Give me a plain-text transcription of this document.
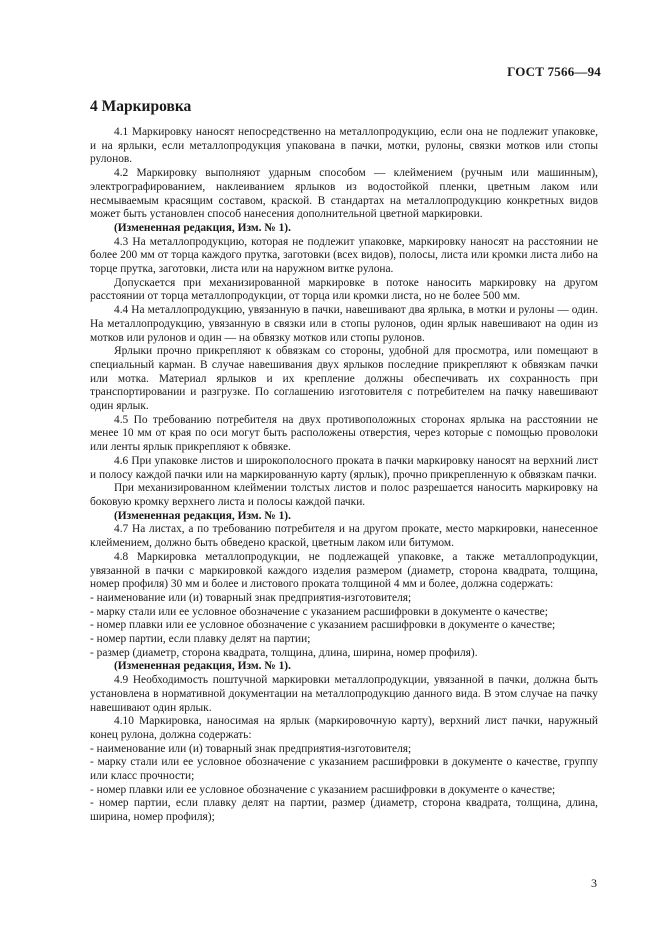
ГОСТ 7566—94
4 Маркировка

4.1 Маркировку наносят непосредственно на металлопродукцию, если она не подлежит упаковке, и на ярлыки, если металлопродукция упакована в пачки, мотки, рулоны, связки мотков или стопы рулонов.

4.2 Маркировку выполняют ударным способом — клеймением (ручным или машинным), электрографированием, наклеиванием ярлыков из водостойкой пленки, цветным лаком или несмываемым красящим составом, краской. В стандартах на металлопродукцию конкретных видов может быть установлен способ нанесения дополнительной цветной маркировки.

(Измененная редакция, Изм. № 1).

4.3 На металлопродукцию, которая не подлежит упаковке, маркировку наносят на расстоянии не более 200 мм от торца каждого прутка, заготовки (всех видов), полосы, листа или кромки листа либо на торце прутка, заготовки, листа или на наружном витке рулона.

Допускается при механизированной маркировке в потоке наносить маркировку на другом расстоянии от торца металлопродукции, от торца или кромки листа, но не более 500 мм.

4.4 На металлопродукцию, увязанную в пачки, навешивают два ярлыка, в мотки и рулоны — один. На металлопродукцию, увязанную в связки или в стопы рулонов, один ярлык навешивают на один из мотков или рулонов и один — на обвязку мотков или стопы рулонов.

Ярлыки прочно прикрепляют к обвязкам со стороны, удобной для просмотра, или помещают в специальный карман. В случае навешивания двух ярлыков последние прикрепляют к обвязкам пачки или мотка. Материал ярлыков и их крепление должны обеспечивать их сохранность при транспортировании и разгрузке. По соглашению изготовителя с потребителем на пачку навешивают один ярлык.

4.5 По требованию потребителя на двух противоположных сторонах ярлыка на расстоянии не менее 10 мм от края по оси могут быть расположены отверстия, через которые с помощью проволоки или ленты ярлык прикрепляют к обвязке.

4.6 При упаковке листов и широкополосного проката в пачки маркировку наносят на верхний лист и полосу каждой пачки или на маркированную карту (ярлык), прочно прикрепленную к обвязкам пачки.

При механизированном клеймении толстых листов и полос разрешается наносить маркировку на боковую кромку верхнего листа и полосы каждой пачки.

(Измененная редакция, Изм. № 1).

4.7 На листах, а по требованию потребителя и на другом прокате, место маркировки, нанесенное клеймением, должно быть обведено краской, цветным лаком или битумом.

4.8 Маркировка металлопродукции, не подлежащей упаковке, а также металлопродукции, увязанной в пачки с маркировкой каждого изделия размером (диаметр, сторона квадрата, толщина, номер профиля) 30 мм и более и листового проката толщиной 4 мм и более, должна содержать:

- наименование или (и) товарный знак предприятия-изготовителя;

- марку стали или ее условное обозначение с указанием расшифровки в документе о качестве;

- номер плавки или ее условное обозначение с указанием расшифровки в документе о качестве;

- номер партии, если плавку делят на партии;

- размер (диаметр, сторона квадрата, толщина, длина, ширина, номер профиля).

(Измененная редакция, Изм. № 1).

4.9 Необходимость поштучной маркировки металлопродукции, увязанной в пачки, должна быть установлена в нормативной документации на металлопродукцию данного вида. В этом случае на пачку навешивают один ярлык.

4.10 Маркировка, наносимая на ярлык (маркировочную карту), верхний лист пачки, наружный конец рулона, должна содержать:

- наименование или (и) товарный знак предприятия-изготовителя;

- марку стали или ее условное обозначение с указанием расшифровки в документе о качестве, группу или класс прочности;

- номер плавки или ее условное обозначение с указанием расшифровки в документе о качестве;

- номер партии, если плавку делят на партии, размер (диаметр, сторона квадрата, толщина, длина, ширина, номер профиля);

3
